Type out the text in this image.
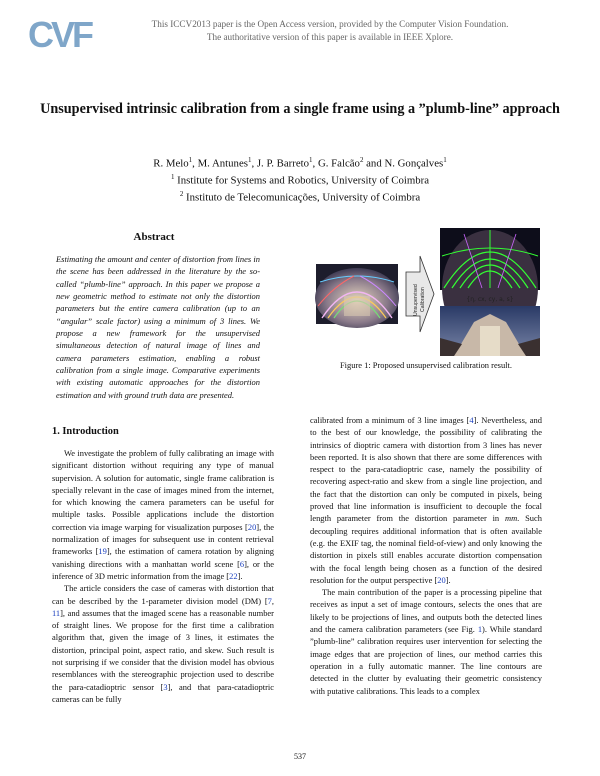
CVF	This ICCV2013 paper is the Open Access version, provided by the Computer Vision Foundation.
The authoritative version of this paper is available in IEEE Xplore.
Unsupervised intrinsic calibration from a single frame using a ”plumb-line” approach
R. Melo$^1$, M. Antunes$^1$, J. P. Barreto$^1$, G. Falcão$^2$ and N. Gonçalves$^1$
$^1$ Institute for Systems and Robotics, University of Coimbra
$^2$ Instituto de Telecomunicações, University of Coimbra
Abstract
Estimating the amount and center of distortion from lines in the scene has been addressed in the literature by the so-called “plumb-line” approach. In this paper we propose a new geometric method to estimate not only the distortion parameters but the entire camera calibration (up to an “angular” scale factor) using a minimum of 3 lines. We propose a new framework for the unsupervised simultaneous detection of natural image of lines and camera parameters estimation, enabling a robust calibration from a single image. Comparative experiments with existing automatic approaches for the distortion estimation and with ground truth data are presented.
Unsupervised Calibration	{η, cx, cy, a, s}
Figure 1: Proposed unsupervised calibration result.
1. Introduction

We investigate the problem of fully calibrating an image with significant distortion without requiring any type of manual supervision. A solution for automatic, single frame calibration is specially relevant in the case of images mined from the internet, for which knowing the camera parameters can be useful for multiple tasks. Possible applications include the distortion correction via image warping for visualization purposes [20], the normalization of images for subsequent use in content retrieval frameworks [19], the estimation of camera rotation by aligning vanishing directions with a manhattan world scene [6], or the inference of 3D metric information from the image [22].

The article considers the case of cameras with distortion that can be described by the 1-parameter division model (DM) [7, 11], and assumes that the imaged scene has a reasonable number of straight lines. We propose for the first time a calibration algorithm that, given the image of 3 lines, it estimates the distortion, principal point, aspect ratio, and skew. Such result is not surprising if we consider that the division model has obvious resemblances with the stereographic projection used to describe the para-catadioptric sensor [3], and that para-catadioptric cameras can be fully

calibrated from a minimum of 3 line images [4]. Nevertheless, and to the best of our knowledge, the possibility of calibrating the intrinsics of dioptric camera with distortion from 3 lines has never been reported. It is also shown that there are some differences with respect to the para-catadioptric case, namely the possibility of recovering aspect-ratio and skew from a single line projection, and the fact that the distortion can only be computed in pixels, being proved that line information is insufficient to decouple the focal length parameter from the distortion parameter in mm. Such decoupling requires additional information that is often available (e.g. the EXIF tag, the nominal field-of-view) and only knowing the distortion in pixels still enables accurate distortion compensation with the focal length being chosen as a function of the desired resolution for the output perspective [20].

The main contribution of the paper is a processing pipeline that receives as input a set of image contours, selects the ones that are likely to be projections of lines, and outputs both the detected lines and the camera calibration parameters (see Fig. 1). While standard ”plumb-line” calibration requires user intervention for selecting the image edges that are projection of lines, our method carries this operation in a fully automatic manner. The line contours are detected in the clutter by evaluating their geometric consistency with putative calibrations. This leads to a complex

537
